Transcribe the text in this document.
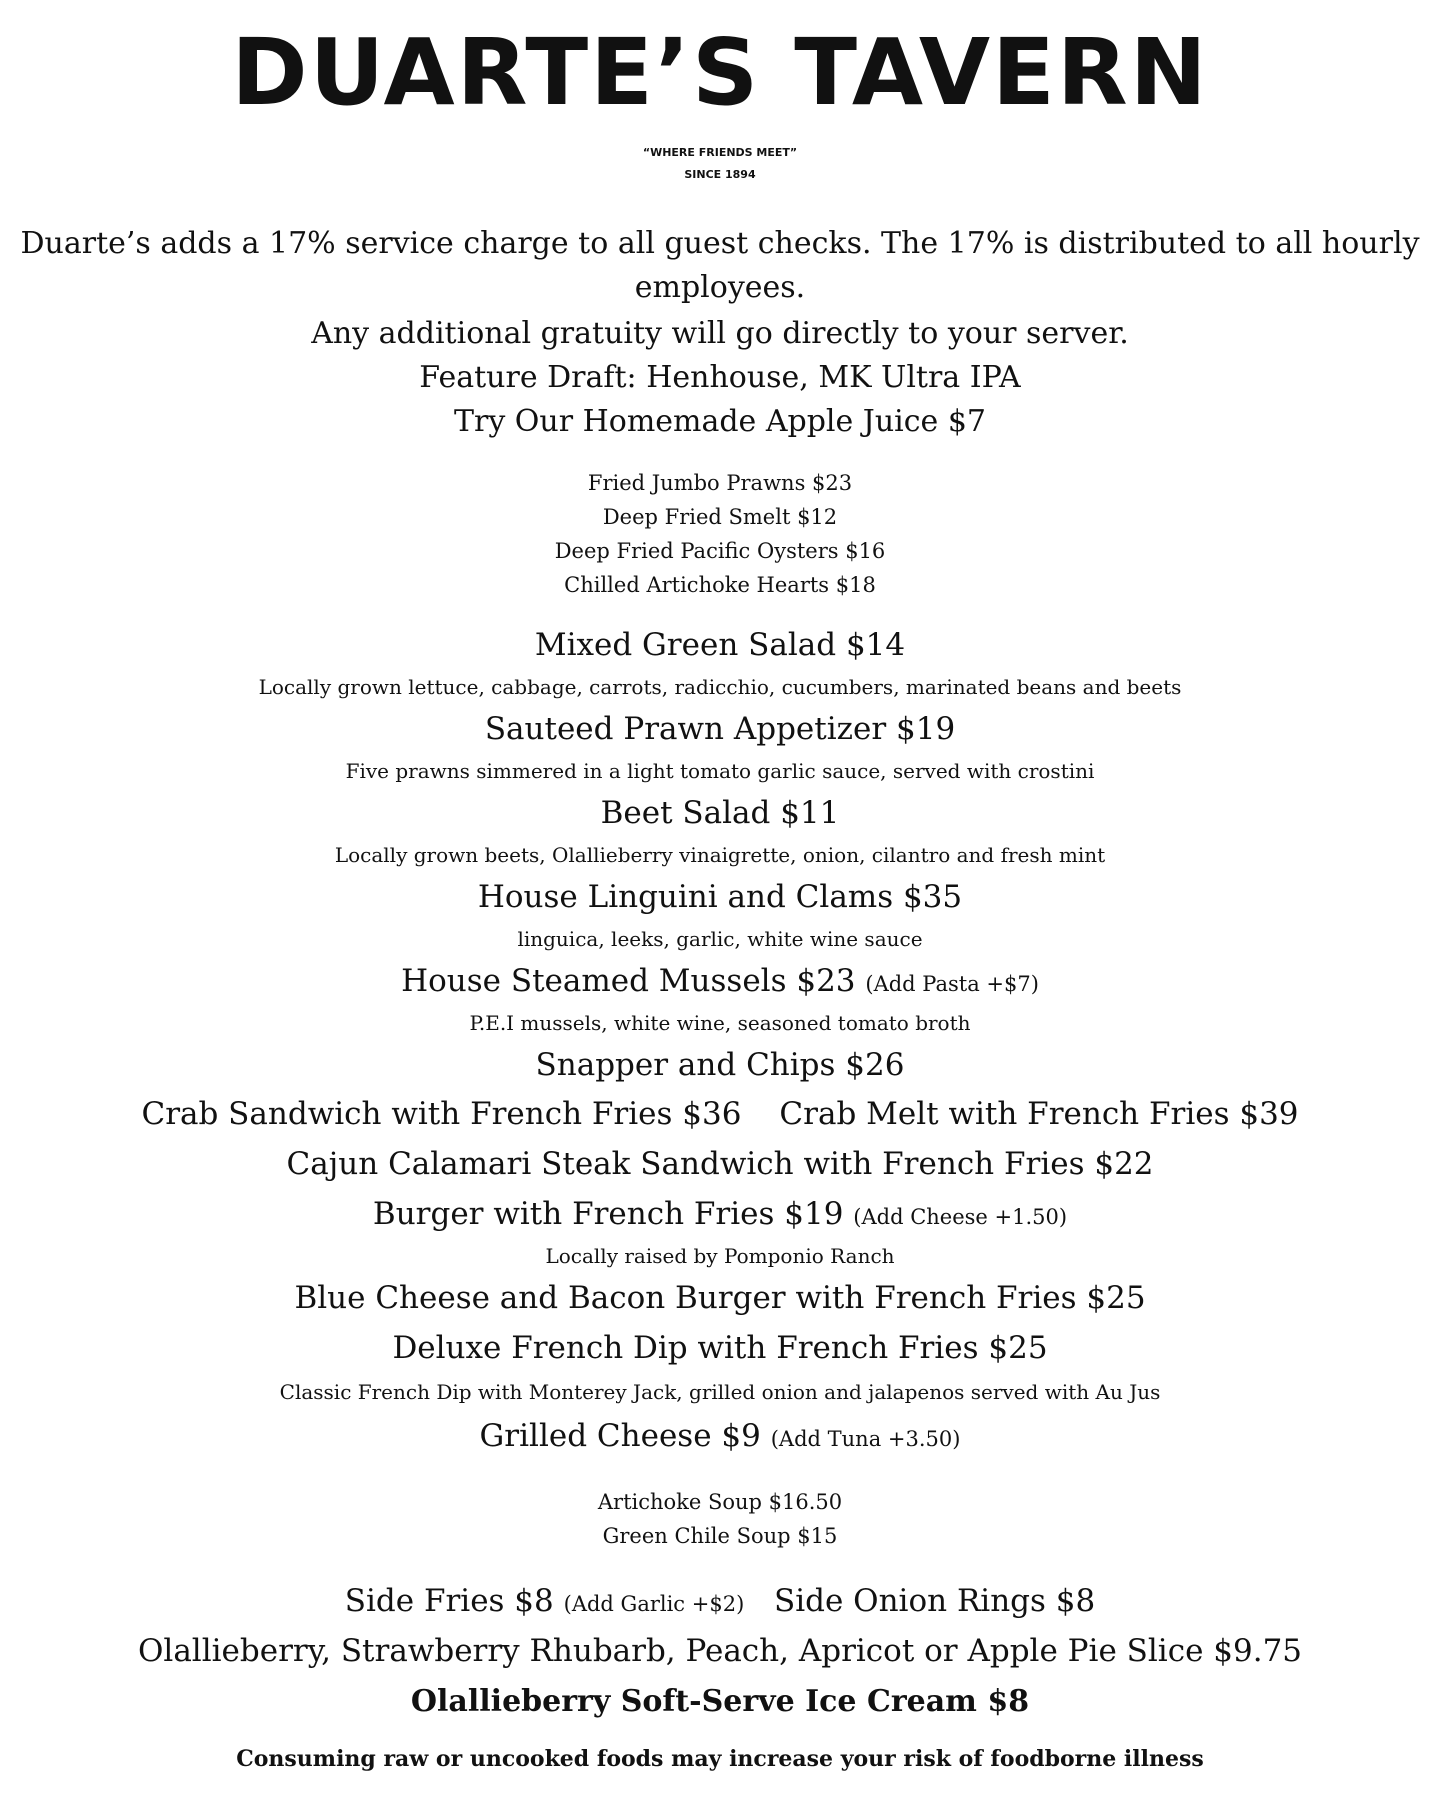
DUARTE’S TAVERN
“WHERE FRIENDS MEET”
SINCE 1894
Duarte’s adds a 17% service charge to all guest checks. The 17% is distributed to all hourly
employees.
Any additional gratuity will go directly to your server.
Feature Draft: Henhouse, MK Ultra IPA
Try Our Homemade Apple Juice $7
Fried Jumbo Prawns $23
Deep Fried Smelt $12
Deep Fried Pacific Oysters $16
Chilled Artichoke Hearts $18
Mixed Green Salad $14
Locally grown lettuce, cabbage, carrots, radicchio, cucumbers, marinated beans and beets
Sauteed Prawn Appetizer $19
Five prawns simmered in a light tomato garlic sauce, served with crostini
Beet Salad $11
Locally grown beets, Olallieberry vinaigrette, onion, cilantro and fresh mint
House Linguini and Clams $35
linguica, leeks, garlic, white wine sauce
House Steamed Mussels $23 (Add Pasta +$7)
P.E.I mussels, white wine, seasoned tomato broth
Snapper and Chips $26
Crab Sandwich with French Fries $36 Crab Melt with French Fries $39
Cajun Calamari Steak Sandwich with French Fries $22
Burger with French Fries $19 (Add Cheese +1.50)
Locally raised by Pomponio Ranch
Blue Cheese and Bacon Burger with French Fries $25
Deluxe French Dip with French Fries $25
Classic French Dip with Monterey Jack, grilled onion and jalapenos served with Au Jus
Grilled Cheese $9 (Add Tuna +3.50)
Artichoke Soup $16.50
Green Chile Soup $15
Side Fries $8 (Add Garlic +$2) Side Onion Rings $8
Olallieberry, Strawberry Rhubarb, Peach, Apricot or Apple Pie Slice $9.75
Olallieberry Soft-Serve Ice Cream $8
Consuming raw or uncooked foods may increase your risk of foodborne illness
